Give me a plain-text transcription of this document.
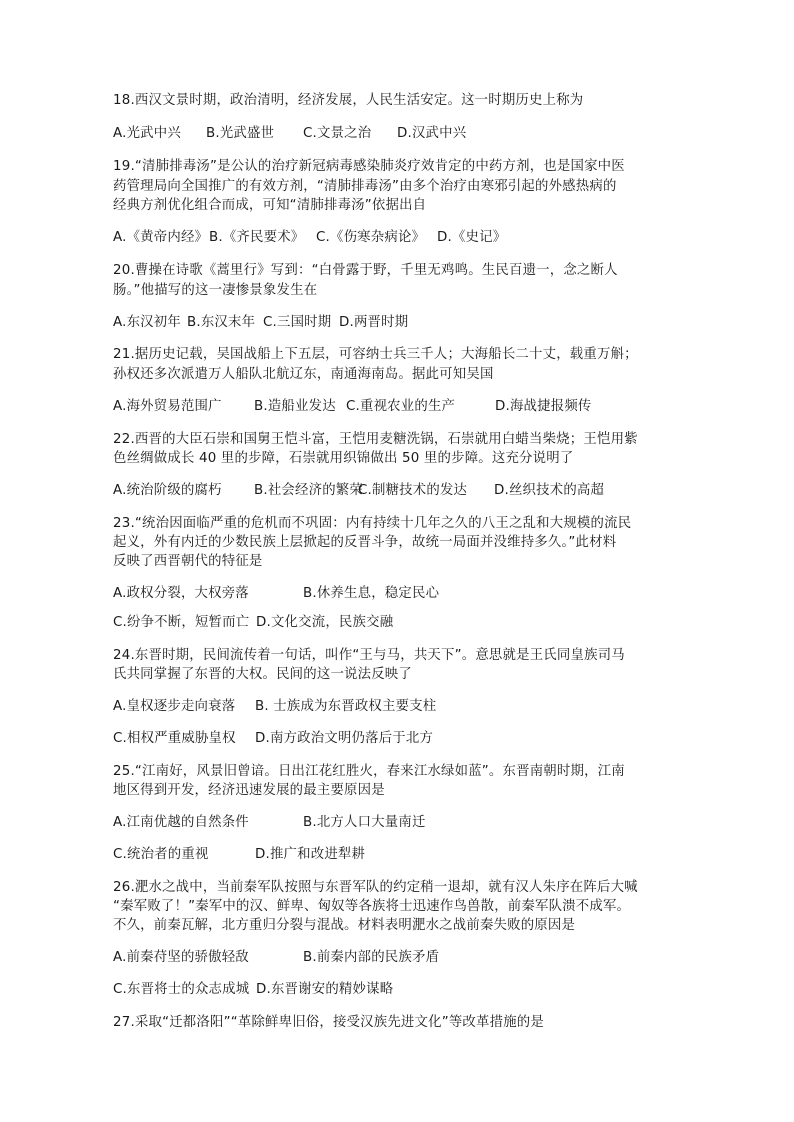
18.西汉文景时期，政治清明，经济发展，人民生活安定。这一时期历史上称为
A.光武中兴 B.光武盛世 C.文景之治 D.汉武中兴
19.“清肺排毒汤”是公认的治疗新冠病毒感染肺炎疗效肯定的中药方剂，也是国家中医
药管理局向全国推广的有效方剂，“清肺排毒汤”由多个治疗由寒邪引起的外感热病的
经典方剂优化组合而成，可知“清肺排毒汤”依据出自
A.《黄帝内经》 B.《齐民要术》 C.《伤寒杂病论》 D.《史记》
20.曹操在诗歌《蒿里行》写到：“白骨露于野，千里无鸡鸣。生民百遗一，念之断人
肠。”他描写的这一凄惨景象发生在
A.东汉初年 B.东汉末年 C.三国时期 D.两晋时期
21.据历史记载，吴国战船上下五层，可容纳士兵三千人；大海船长二十丈，载重万斛；
孙权还多次派遣万人船队北航辽东，南通海南岛。据此可知吴国
A.海外贸易范围广 B.造船业发达 C.重视农业的生产	D.海战捷报频传
22.西晋的大臣石崇和国舅王恺斗富，王恺用麦糖洗锅，石崇就用白蜡当柴烧；王恺用紫
色丝绸做成长 40 里的步障，石崇就用织锦做出 50 里的步障。这充分说明了
A.统治阶级的腐朽 B.社会经济的繁荣
C.制糖技术的发达 D.丝织技术的高超
23.“统治因面临严重的危机而不巩固：内有持续十几年之久的八王之乱和大规模的流民
起义，外有内迁的少数民族上层掀起的反晋斗争，故统一局面并没维持多久。”此材料
反映了西晋朝代的特征是
A.政权分裂，大权旁落	B.休养生息，稳定民心
C.纷争不断，短暂而亡 D.文化交流，民族交融
24.东晋时期，民间流传着一句话，叫作“王与马，共天下”。意思就是王氏同皇族司马
氏共同掌握了东晋的大权。民间的这一说法反映了
A.皇权逐步走向衰落 B. 士族成为东晋政权主要支柱
C.相权严重威胁皇权 D.南方政治文明仍落后于北方
25.“江南好，风景旧曾谙。日出江花红胜火，春来江水绿如蓝”。东晋南朝时期，江南
地区得到开发，经济迅速发展的最主要原因是
A.江南优越的自然条件	B.北方人口大量南迁
C.统治者的重视	D.推广和改进犁耕
26.淝水之战中，当前秦军队按照与东晋军队的约定稍一退却，就有汉人朱序在阵后大喊
“秦军败了！”秦军中的汉、鲜卑、匈奴等各族将士迅速作鸟兽散，前秦军队溃不成军。
不久，前秦瓦解，北方重归分裂与混战。材料表明淝水之战前秦失败的原因是
A.前秦苻坚的骄傲轻敌	B.前秦内部的民族矛盾
C.东晋将士的众志成城 D.东晋谢安的精妙谋略
27.采取“迁都洛阳”“革除鲜卑旧俗，接受汉族先进文化”等改革措施的是
